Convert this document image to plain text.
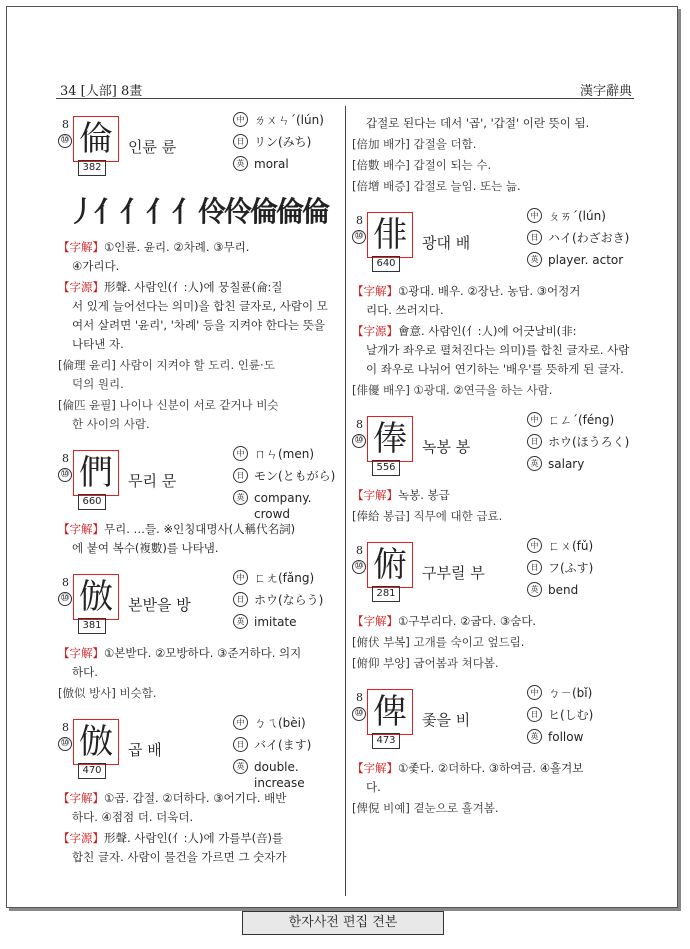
34 [人部] 8畫	漢字辭典
8
⑩ 倫
382
인륜 륜
中 ㄌㄨㄣˊ(lún)
日 リン(みち)
英 moral
丿亻亻亻亻伶伶倫倫倫
【字解】①인륜. 윤리. ②차례. ③무리.
④가리다.
【字源】形聲. 사람인(亻:人)에 뭉칠륜(侖:질
서 있게 늘어선다는 의미)을 합친 글자로, 사람이 모여서 살려면 '윤리', '차례' 등을 지켜야 한다는 뜻을 나타낸 자.
[倫理 윤리] 사람이 지켜야 할 도리. 인륜·도
덕의 원리.
[倫匹 윤필] 나이나 신분이 서로 같거나 비슷
한 사이의 사람.
8
⑩ 們
660
무리 문
中 ㄇㄣ(men)
日 モン(ともがら)
英 company.
crowd
【字解】무리. …들. ※인칭대명사(人稱代名詞)
에 붙여 복수(複數)를 나타냄.
8
⑩ 倣
381
본받을 방
中 ㄈㄤ(fǎng)
日 ホウ(ならう)
英 imitate
【字解】①본받다. ②모방하다. ③준거하다. 의지
하다.
[倣似 방사] 비슷함.
8
⑩ 倣
470
곱 배
中 ㄅㄟ(bèi)
日 バイ(ます)
英 double.
increase
【字解】①곱. 갑절. ②더하다. ③어기다. 배반
하다. ④점점 더. 더욱더.
【字源】形聲. 사람인(亻:人)에 가를부(咅)를
합친 글자. 사람이 물건을 가르면 그 숫자가
갑절로 된다는 데서 '곱', '갑절' 이란 뜻이 됨.
[倍加 배가] 갑절을 더함.
[倍數 배수] 갑절이 되는 수.
[倍增 배증] 갑절로 늘임. 또는 늚.
8
⑩ 俳
640
광대 배
中 ㄆㄞˊ(lún)
日 ハイ(わざおき)
英 player. actor
【字解】①광대. 배우. ②장난. 농담. ③어정거
리다. 쓰러지다.
【字源】會意. 사람인(亻:人)에 어긋날비(非:
날개가 좌우로 펼쳐진다는 의미)를 합친 글자로. 사람이 좌우로 나뉘어 연기하는 '배우'를 뜻하게 된 글자.
[俳優 배우] ①광대. ②연극을 하는 사람.
8
⑩ 俸
556
녹봉 봉
中 ㄈㄥˊ(féng)
日 ホウ(ほうろく)
英 salary
【字解】녹봉. 봉급
[俸給 봉급] 직무에 대한 급료.
8
⑩ 俯
281
구부릴 부
中 ㄈㄨ(fǔ)
日 フ(ふす)
英 bend
【字解】①구부리다. ②굽다. ③숨다.
[俯伏 부복] 고개를 숙이고 엎드림.
[俯仰 부앙] 굽어봄과 쳐다봄.
8
⑩ 俾
473
좇을 비
中 ㄅㄧ(bǐ)
日 ヒ(しむ)
英 follow
【字解】①좇다. ②더하다. ③하여금. ④흘겨보
다.
[俾倪 비예] 곁눈으로 흘겨봄.
한자사전 편집 견본
